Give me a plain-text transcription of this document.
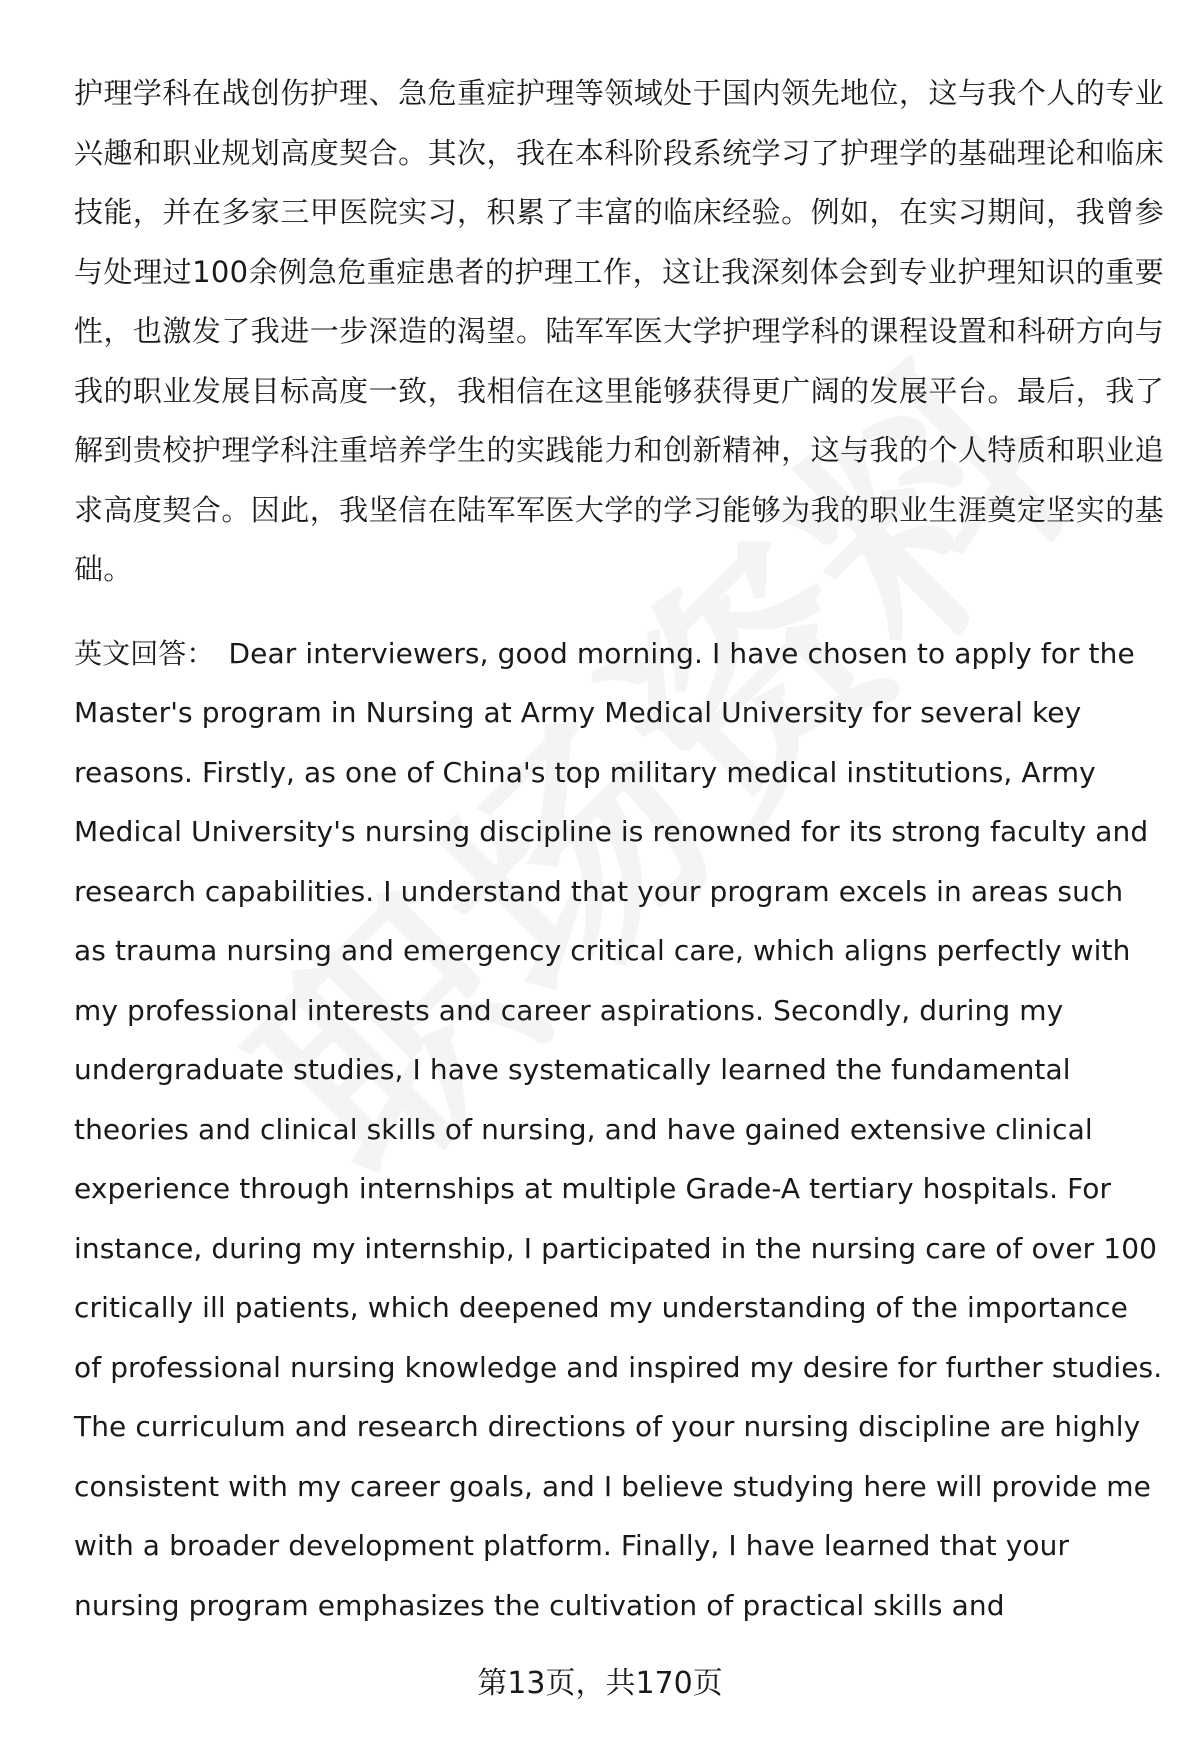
护理学科在战创伤护理、急危重症护理等领域处于国内领先地位，这与我个人的专业兴趣和职业规划高度契合。其次，我在本科阶段系统学习了护理学的基础理论和临床技能，并在多家三甲医院实习，积累了丰富的临床经验。例如，在实习期间，我曾参与处理过100余例急危重症患者的护理工作，这让我深刻体会到专业护理知识的重要性，也激发了我进一步深造的渴望。陆军军医大学护理学科的课程设置和科研方向与我的职业发展目标高度一致，我相信在这里能够获得更广阔的发展平台。最后，我了解到贵校护理学科注重培养学生的实践能力和创新精神，这与我的个人特质和职业追求高度契合。因此，我坚信在陆军军医大学的学习能够为我的职业生涯奠定坚实的基础。

英文回答： Dear interviewers, good morning. I have chosen to apply for the Master's program in Nursing at Army Medical University for several key reasons. Firstly, as one of China's top military medical institutions, Army Medical University's nursing discipline is renowned for its strong faculty and research capabilities. I understand that your program excels in areas such as trauma nursing and emergency critical care, which aligns perfectly with my professional interests and career aspirations. Secondly, during my undergraduate studies, I have systematically learned the fundamental theories and clinical skills of nursing, and have gained extensive clinical experience through internships at multiple Grade-A tertiary hospitals. For instance, during my internship, I participated in the nursing care of over 100 critically ill patients, which deepened my understanding of the importance of professional nursing knowledge and inspired my desire for further studies. The curriculum and research directions of your nursing discipline are highly consistent with my career goals, and I believe studying here will provide me with a broader development platform. Finally, I have learned that your nursing program emphasizes the cultivation of practical skills and

第13页，共170页
